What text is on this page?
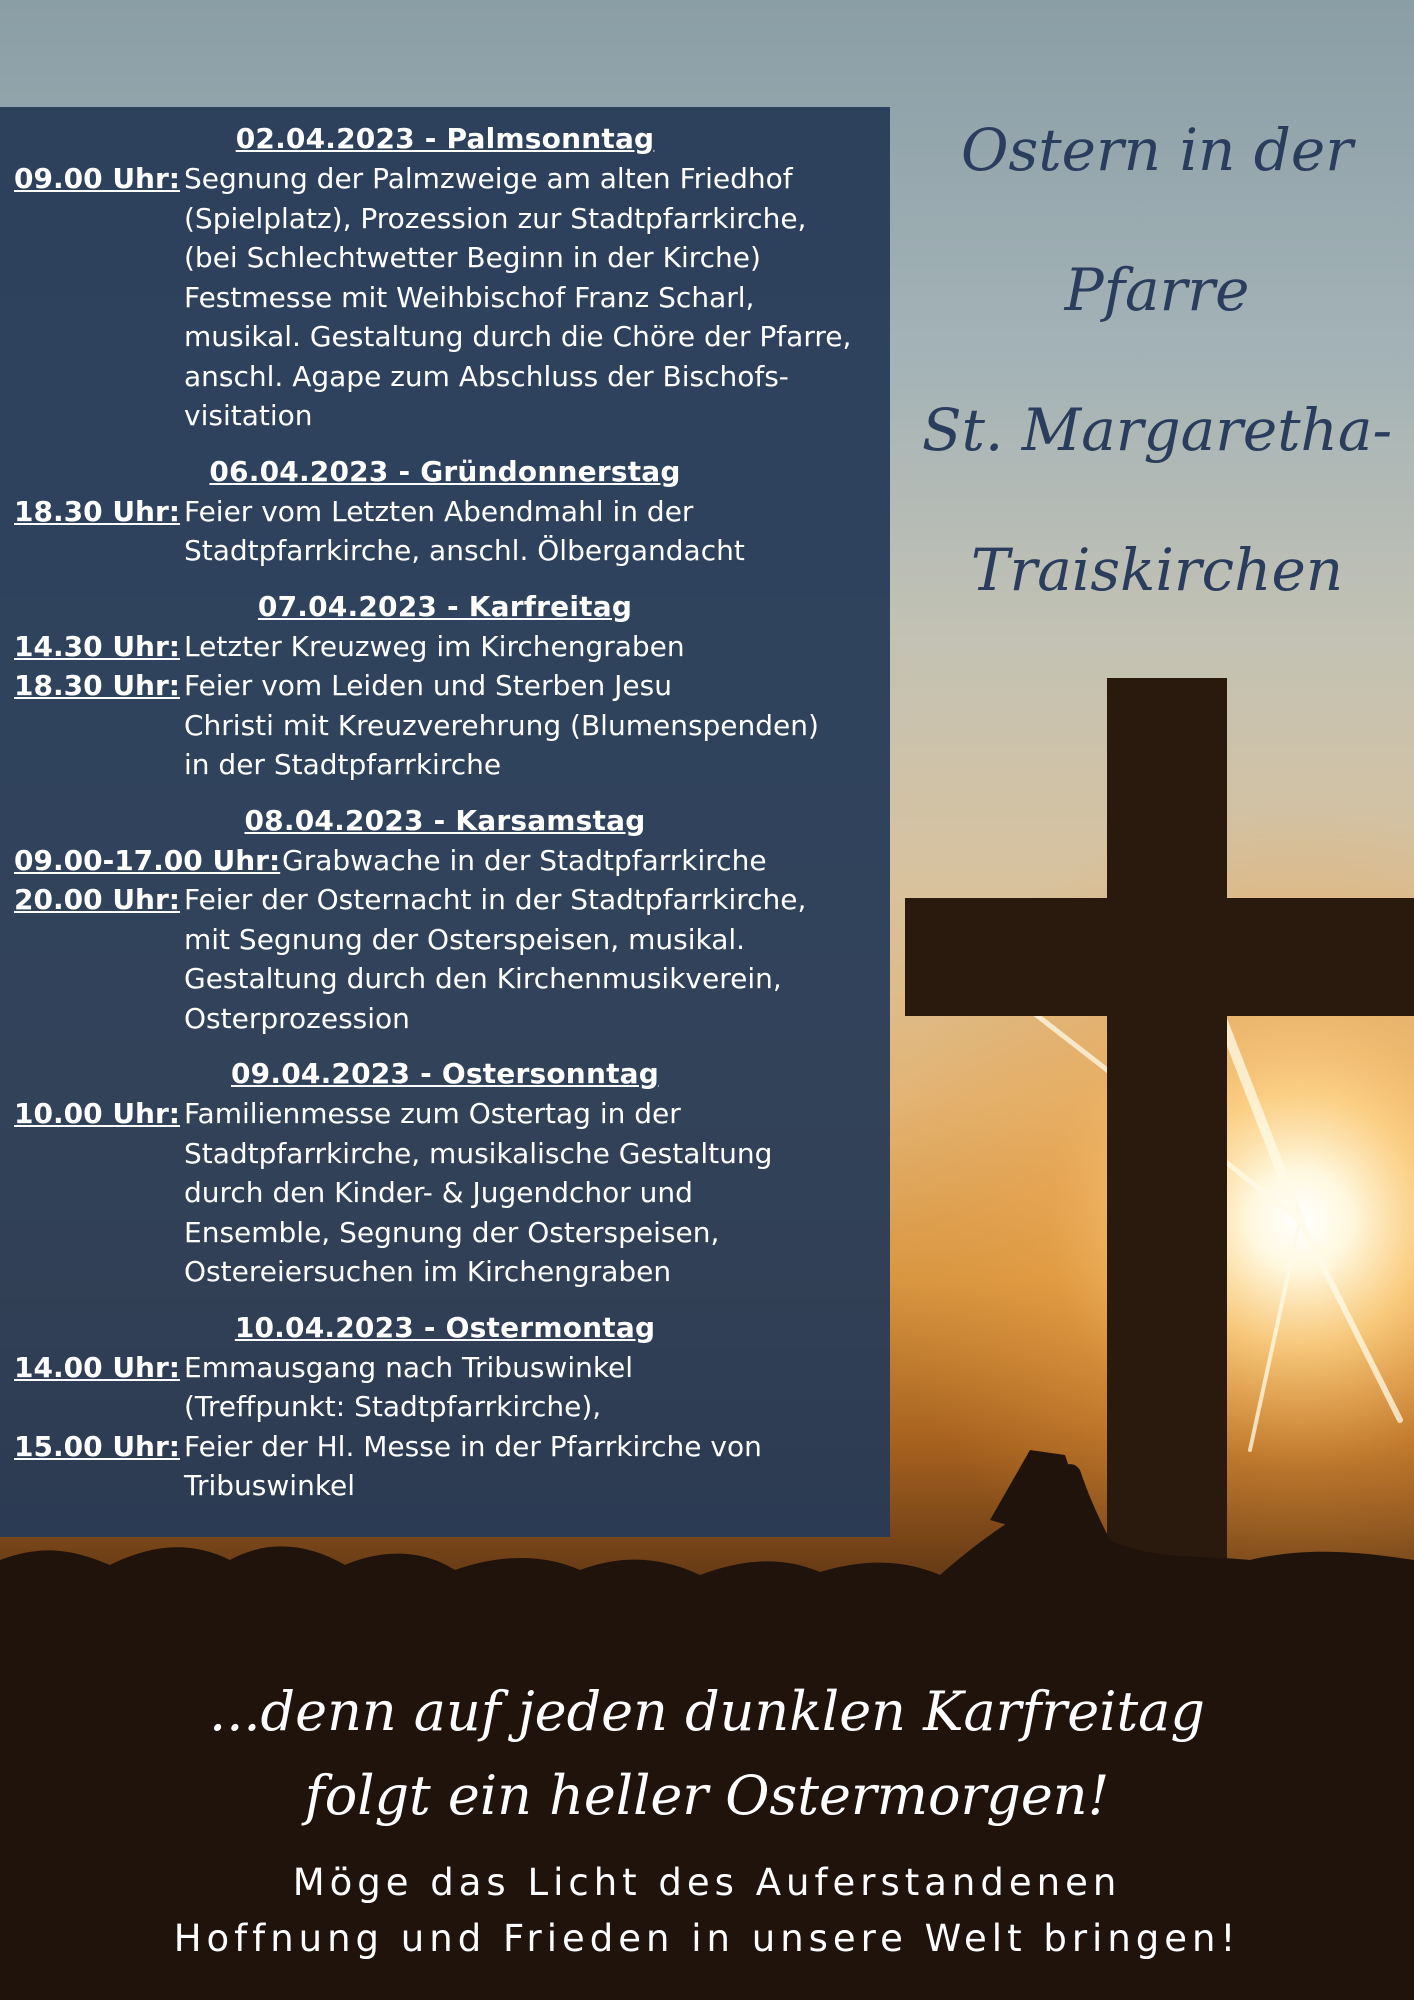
02.04.2023 - Palmsonntag
09.00 Uhr: Segnung der Palmzweige am alten Friedhof
(Spielplatz), Prozession zur Stadtpfarrkirche,
(bei Schlechtwetter Beginn in der Kirche)
Festmesse mit Weihbischof Franz Scharl,
musikal. Gestaltung durch die Chöre der Pfarre,
anschl. Agape zum Abschluss der Bischofs-
visitation
06.04.2023 - Gründonnerstag
18.30 Uhr: Feier vom Letzten Abendmahl in der
Stadtpfarrkirche, anschl. Ölbergandacht
07.04.2023 - Karfreitag
14.30 Uhr: Letzter Kreuzweg im Kirchengraben
18.30 Uhr: Feier vom Leiden und Sterben Jesu
Christi mit Kreuzverehrung (Blumenspenden)
in der Stadtpfarrkirche
08.04.2023 - Karsamstag
09.00-17.00 Uhr: Grabwache in der Stadtpfarrkirche
20.00 Uhr: Feier der Osternacht in der Stadtpfarrkirche,
mit Segnung der Osterspeisen, musikal.
Gestaltung durch den Kirchenmusikverein,
Osterprozession
09.04.2023 - Ostersonntag
10.00 Uhr: Familienmesse zum Ostertag in der
Stadtpfarrkirche, musikalische Gestaltung
durch den Kinder- & Jugendchor und
Ensemble, Segnung der Osterspeisen,
Ostereiersuchen im Kirchengraben
10.04.2023 - Ostermontag
14.00 Uhr: Emmausgang nach Tribuswinkel
(Treffpunkt: Stadtpfarrkirche),
15.00 Uhr: Feier der Hl. Messe in der Pfarrkirche von
Tribuswinkel
Ostern in der
Pfarre
St. Margaretha-
Traiskirchen
...denn auf jeden dunklen Karfreitag
folgt ein heller Ostermorgen!
Möge das Licht des Auferstandenen
Hoffnung und Frieden in unsere Welt bringen!
